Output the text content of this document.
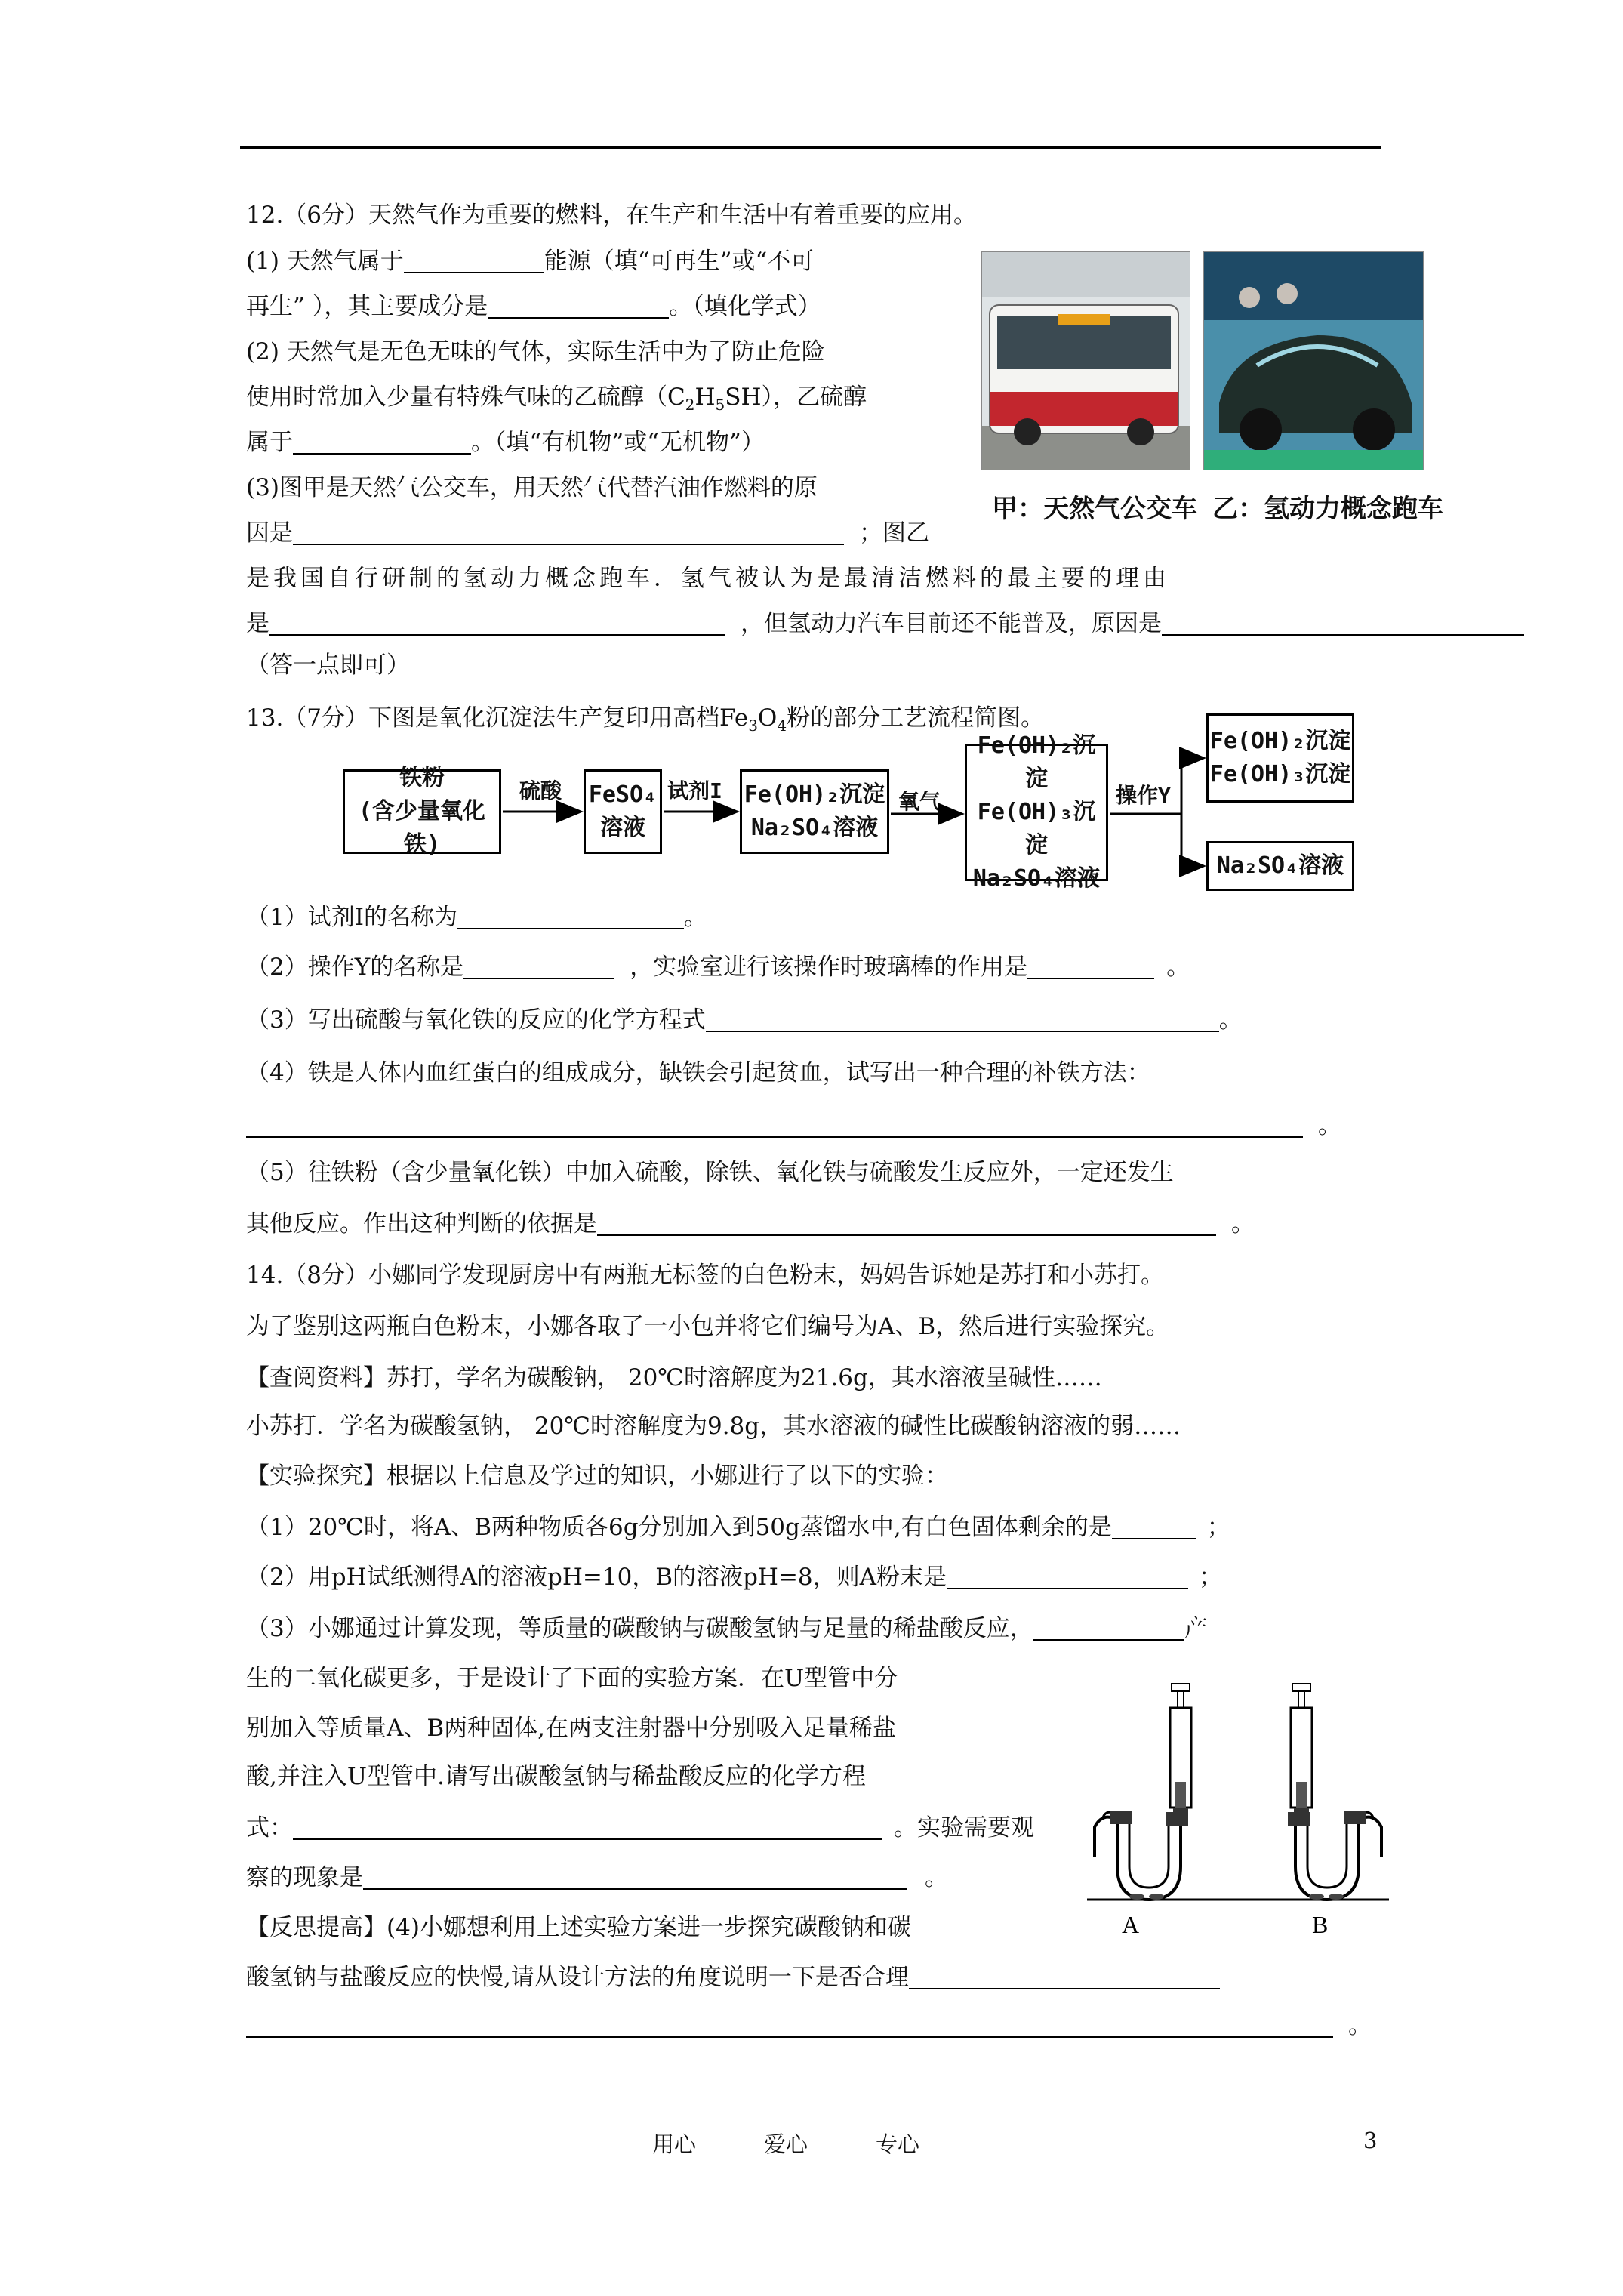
12.（6分）天然气作为重要的燃料，在生产和生活中有着重要的应用。
(1) 天然气属于	能源（填“可再生”或“不可
再生” ），其主要成分是	。（填化学式）
(2) 天然气是无色无味的气体，实际生活中为了防止危险
使用时常加入少量有特殊气味的乙硫醇$(C_2H_5SH)$，乙硫醇
属于	。（填“有机物”或“无机物”）
(3)图甲是天然气公交车，用天然气代替汽油作燃料的原
因是	；图乙
是我国自行研制的氢动力概念跑车．氢气被认为是最清洁燃料的最主要的理由
是	，但氢动力汽车目前还不能普及，原因是
（答一点即可）
甲：天然气公交车 乙：氢动力概念跑车
13.（7分）下图是氧化沉淀法生产复印用高档$Fe_3O_4$粉的部分工艺流程简图。
铁粉
(含少量氧化铁)
FeSO₄
溶液
Fe(OH)₂沉淀
Na₂SO₄溶液
Fe(OH)₂沉淀
Fe(OH)₃沉淀
Na₂SO₄溶液
Fe(OH)₂沉淀
Fe(OH)₃沉淀
Na₂SO₄溶液
硫酸	试剂I	氧气	操作Y
（1）试剂I的名称为	。
（2）操作Y的名称是	，实验室进行该操作时玻璃棒的作用是	。
（3）写出硫酸与氧化铁的反应的化学方程式	。
（4）铁是人体内血红蛋白的组成成分，缺铁会引起贫血，试写出一种合理的补铁方法：
。
（5）往铁粉（含少量氧化铁）中加入硫酸，除铁、氧化铁与硫酸发生反应外，一定还发生
其他反应。作出这种判断的依据是	。
14.（8分）小娜同学发现厨房中有两瓶无标签的白色粉末，妈妈告诉她是苏打和小苏打。
为了鉴别这两瓶白色粉末，小娜各取了一小包并将它们编号为A、B，然后进行实验探究。
【查阅资料】苏打，学名为碳酸钠， 20℃时溶解度为21.6g，其水溶液呈碱性……
小苏打．学名为碳酸氢钠， 20℃时溶解度为9.8g，其水溶液的碱性比碳酸钠溶液的弱……
【实验探究】根据以上信息及学过的知识，小娜进行了以下的实验：
（1）20℃时，将A、B两种物质各6g分别加入到50g蒸馏水中,有白色固体剩余的是	；
（2）用pH试纸测得A的溶液pH=10，B的溶液pH=8，则A粉末是	；
（3）小娜通过计算发现，等质量的碳酸钠与碳酸氢钠与足量的稀盐酸反应，	产
生的二氧化碳更多，于是设计了下面的实验方案．在U型管中分
别加入等质量A、B两种固体,在两支注射器中分别吸入足量稀盐
酸,并注入U型管中.请写出碳酸氢钠与稀盐酸反应的化学方程
式：	。实验需要观
察的现象是	。
【反思提高】(4)小娜想利用上述实验方案进一步探究碳酸钠和碳
酸氢钠与盐酸反应的快慢,请从设计方法的角度说明一下是否合理
。
A	B
用心	爱心	专心	3
